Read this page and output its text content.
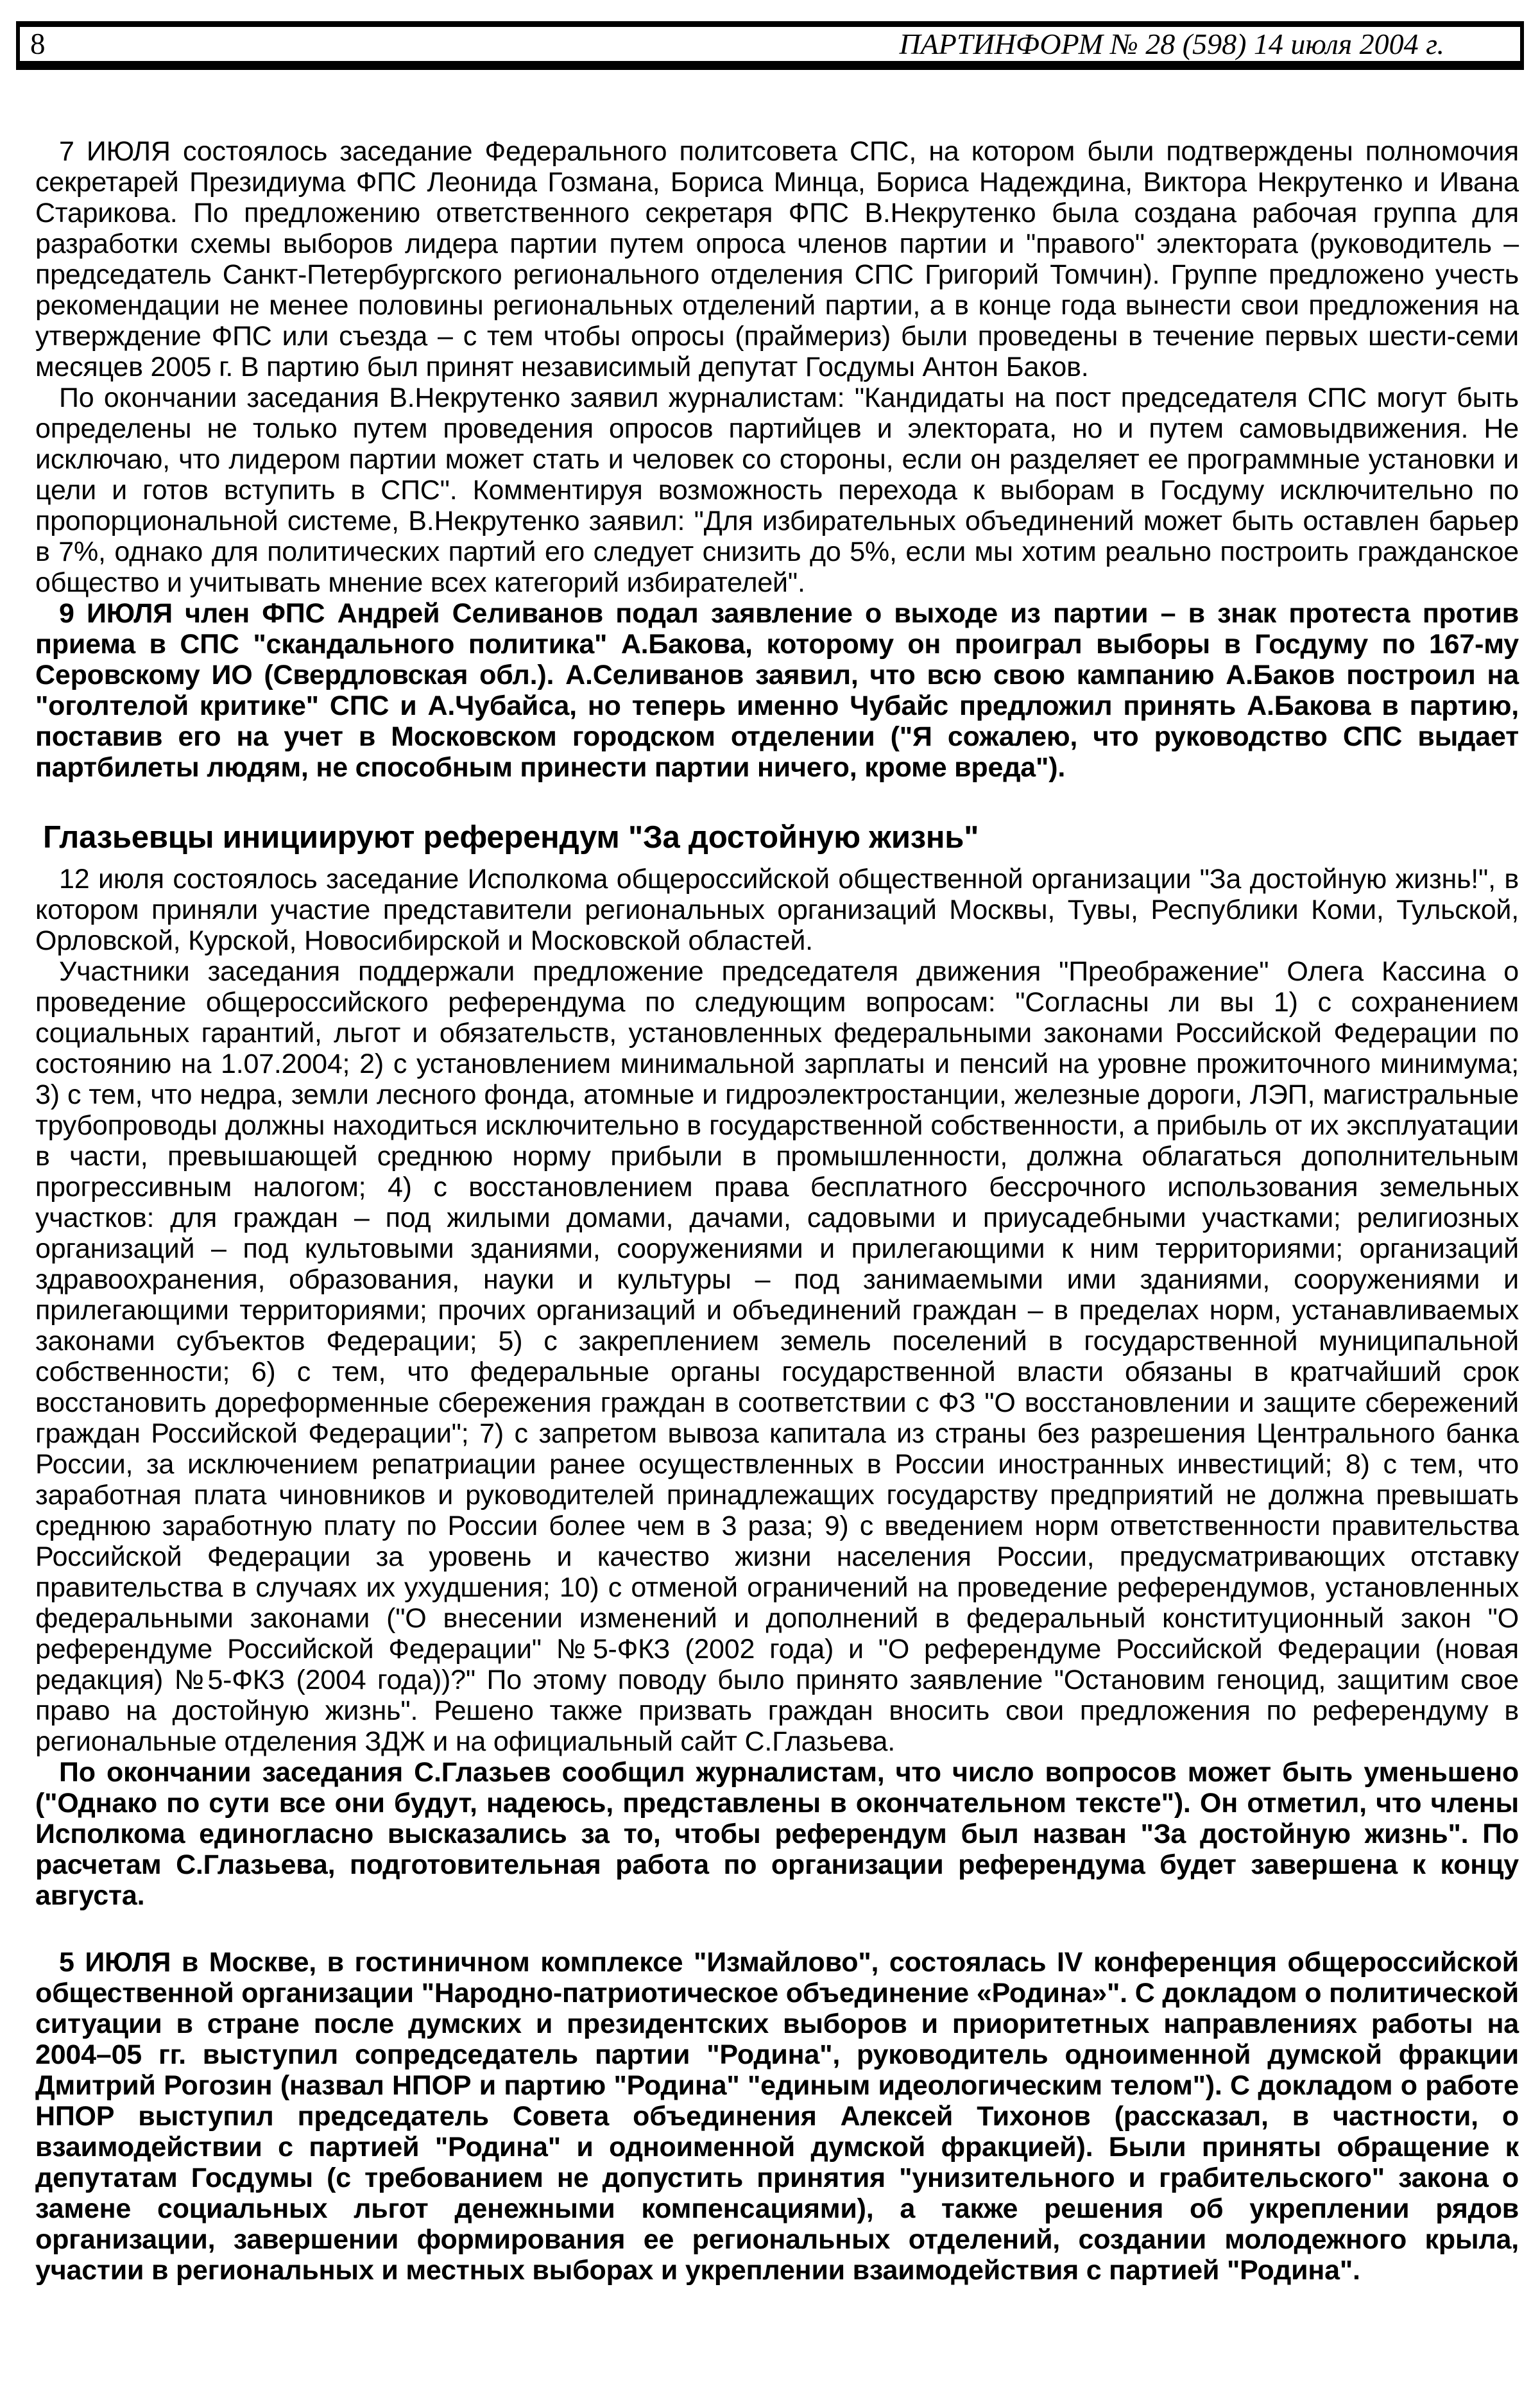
8	ПАРТИНФОРМ № 28 (598) 14 июля 2004 г.

7 ИЮЛЯ состоялось заседание Федерального политсовета СПС, на котором были подтверждены полномочия секретарей Президиума ФПС Леонида Гозмана, Бориса Минца, Бориса Надеждина, Виктора Некрутенко и Ивана Старикова. По предложению ответственного секретаря ФПС В.Некрутенко была создана рабочая группа для разработки схемы выборов лидера партии путем опроса членов партии и "правого" электората (руководитель – председатель Санкт-Петербургского регионального отделения СПС Григорий Томчин). Группе предложено учесть рекомендации не менее половины региональных отделений партии, а в конце года вынести свои предложения на утверждение ФПС или съезда – с тем чтобы опросы (праймериз) были проведены в течение первых шести-семи месяцев 2005 г. В партию был принят независимый депутат Госдумы Антон Баков.

По окончании заседания В.Некрутенко заявил журналистам: "Кандидаты на пост председателя СПС могут быть определены не только путем проведения опросов партийцев и электората, но и путем самовыдвижения. Не исключаю, что лидером партии может стать и человек со стороны, если он разделяет ее программные установки и цели и готов вступить в СПС". Комментируя возможность перехода к выборам в Госдуму исключительно по пропорциональной системе, В.Некрутенко заявил: "Для избирательных объединений может быть оставлен барьер в 7%, однако для политических партий его следует снизить до 5%, если мы хотим реально построить гражданское общество и учитывать мнение всех категорий избирателей".

9 ИЮЛЯ член ФПС Андрей Селиванов подал заявление о выходе из партии – в знак протеста против приема в СПС "скандального политика" А.Бакова, которому он проиграл выборы в Госдуму по 167-му Серовскому ИО (Свердловская обл.). А.Селиванов заявил, что всю свою кампанию А.Баков построил на "оголтелой критике" СПС и А.Чубайса, но теперь именно Чубайс предложил принять А.Бакова в партию, поставив его на учет в Московском городском отделении ("Я сожалею, что руководство СПС выдает партбилеты людям, не способным принести партии ничего, кроме вреда").

Глазьевцы инициируют референдум "За достойную жизнь"

12 июля состоялось заседание Исполкома общероссийской общественной организации "За достойную жизнь!", в котором приняли участие представители региональных организаций Москвы, Тувы, Республики Коми, Тульской, Орловской, Курской, Новосибирской и Московской областей.

Участники заседания поддержали предложение председателя движения "Преображение" Олега Кассина о проведение общероссийского референдума по следующим вопросам: "Согласны ли вы 1) с сохранением социальных гарантий, льгот и обязательств, установленных федеральными законами Российской Федерации по состоянию на 1.07.2004; 2) с установлением минимальной зарплаты и пенсий на уровне прожиточного минимума; 3) с тем, что недра, земли лесного фонда, атомные и гидроэлектростанции, железные дороги, ЛЭП, магистральные трубопроводы должны находиться исключительно в государственной собственности, а прибыль от их эксплуатации в части, превышающей среднюю норму прибыли в промышленности, должна облагаться дополнительным прогрессивным налогом; 4) с восстановлением права бесплатного бессрочного использования земельных участков: для граждан – под жилыми домами, дачами, садовыми и приусадебными участками; религиозных организаций – под культовыми зданиями, сооружениями и прилегающими к ним территориями; организаций здравоохранения, образования, науки и культуры – под занимаемыми ими зданиями, сооружениями и прилегающими территориями; прочих организаций и объединений граждан – в пределах норм, устанавливаемых законами субъектов Федерации; 5) с закреплением земель поселений в государственной муниципальной собственности; 6) с тем, что федеральные органы государственной власти обязаны в кратчайший срок восстановить дореформенные сбережения граждан в соответствии с ФЗ "О восстановлении и защите сбережений граждан Российской Федерации"; 7) с запретом вывоза капитала из страны без разрешения Центрального банка России, за исключением репатриации ранее осуществленных в России иностранных инвестиций; 8) с тем, что заработная плата чиновников и руководителей принадлежащих государству предприятий не должна превышать среднюю заработную плату по России более чем в 3 раза; 9) с введением норм ответственности правительства Российской Федерации за уровень и качество жизни населения России, предусматривающих отставку правительства в случаях их ухудшения; 10) с отменой ограничений на проведение референдумов, установленных федеральными законами ("О внесении изменений и дополнений в федеральный конституционный закон "О референдуме Российской Федерации" №5-ФКЗ (2002 года) и "О референдуме Российской Федерации (новая редакция) №5-ФКЗ (2004 года))?" По этому поводу было принято заявление "Остановим геноцид, защитим свое право на достойную жизнь". Решено также призвать граждан вносить свои предложения по референдуму в региональные отделения ЗДЖ и на официальный сайт С.Глазьева.

По окончании заседания С.Глазьев сообщил журналистам, что число вопросов может быть уменьшено ("Однако по сути все они будут, надеюсь, представлены в окончательном тексте"). Он отметил, что члены Исполкома единогласно высказались за то, чтобы референдум был назван "За достойную жизнь". По расчетам С.Глазьева, подготовительная работа по организации референдума будет завершена к концу августа.

5 ИЮЛЯ в Москве, в гостиничном комплексе "Измайлово", состоялась IV конференция общероссийской общественной организации "Народно-патриотическое объединение «Родина»". С докладом о политической ситуации в стране после думских и президентских выборов и приоритетных направлениях работы на 2004–05 гг. выступил сопредседатель партии "Родина", руководитель одноименной думской фракции Дмитрий Рогозин (назвал НПОР и партию "Родина" "единым идеологическим телом"). С докладом о работе НПОР выступил председатель Совета объединения Алексей Тихонов (рассказал, в частности, о взаимодействии с партией "Родина" и одноименной думской фракцией). Были приняты обращение к депутатам Госдумы (с требованием не допустить принятия "унизительного и грабительского" закона о замене социальных льгот денежными компенсациями), а также решения об укреплении рядов организации, завершении формирования ее региональных отделений, создании молодежного крыла, участии в региональных и местных выборах и укреплении взаимодействия с партией "Родина".
